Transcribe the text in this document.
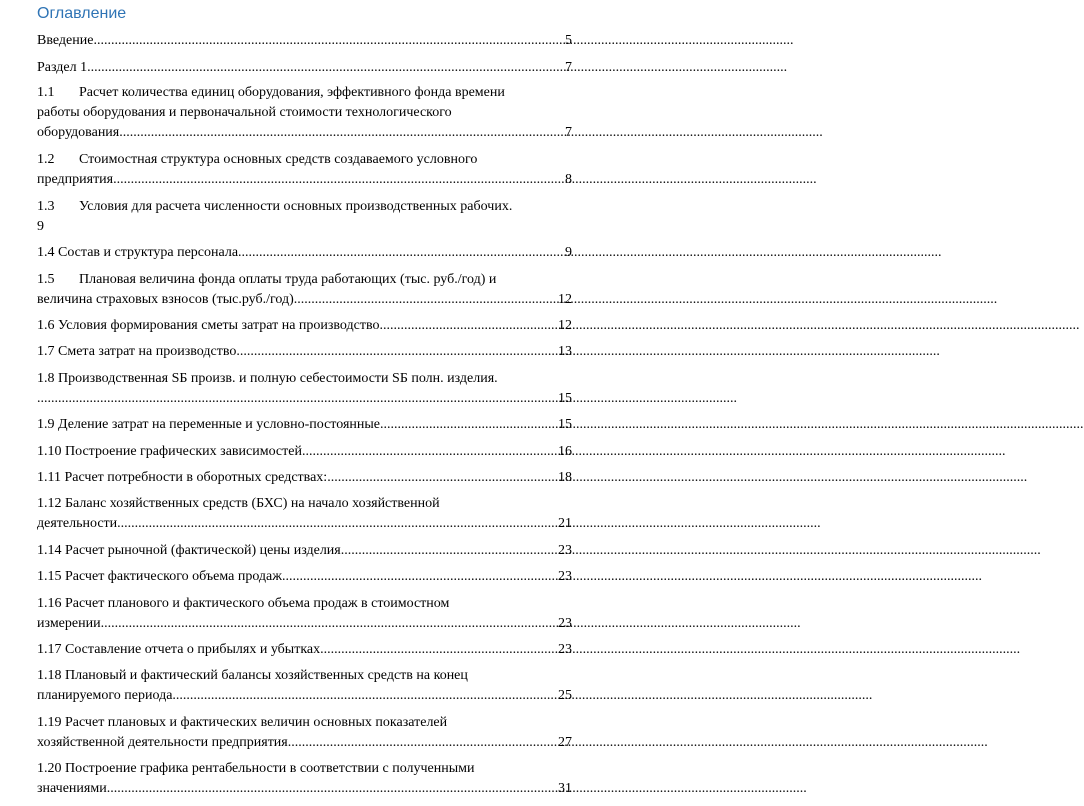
Оглавление
Введение .....	5
Раздел 1 .....	7
1.1 Расчет количества единиц оборудования, эффективного фонда времени
работы оборудования и первоначальной стоимости технологического
оборудования. .....	7
1.2 Стоимостная структура основных средств создаваемого условного
предприятия. .....	8
1.3 Условия для расчета численности основных производственных рабочих.
9
1.4 Состав и структура персонала. .....	9
1.5 Плановая величина фонда оплаты труда работающих (тыс. руб./год) и
величина страховых взносов (тыс.руб./год). .....	12
1.6 Условия формирования сметы затрат на производство .....	12
1.7 Смета затрат на производство. .....	13
1.8 Производственная SБ произв. и полную себестоимости SБ полн. изделия.
.....
15
1.9 Деление затрат на переменные и условно-постоянные. .....	15
1.10 Построение графических зависимостей. .....	16
1.11 Расчет потребности в оборотных средствах: .....	18
1.12 Баланс хозяйственных средств (БХС) на начало хозяйственной
деятельности. .....	21
1.14 Расчет рыночной (фактической) цены изделия .....	23
1.15 Расчет фактического объема продаж .....	23
1.16 Расчет планового и фактического объема продаж в стоимостном
измерении .....	23
1.17 Составление отчета о прибылях и убытках .....	23
1.18 Плановый и фактический балансы хозяйственных средств на конец
планируемого периода .....	25
1.19 Расчет плановых и фактических величин основных показателей
хозяйственной деятельности предприятия .....	27
1.20 Построение графика рентабельности в соответствии с полученными
значениями .....	31
